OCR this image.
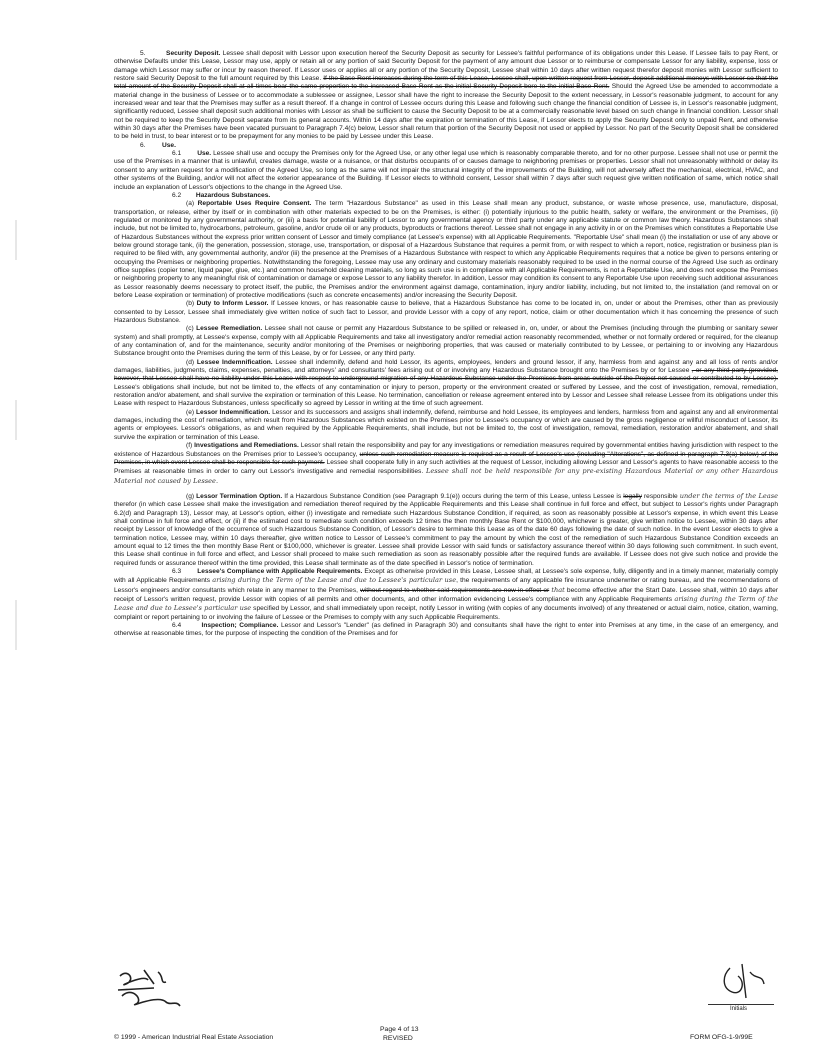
5.	Security Deposit. Lessee shall deposit with Lessor upon execution hereof the Security Deposit as security for Lessee's faithful performance of its obligations under this Lease. If Lessee fails to pay Rent, or otherwise Defaults under this Lease, Lessor may use, apply or retain all or any portion of said Security Deposit for the payment of any amount due Lessor or to reimburse or compensate Lessor for any liability, expense, loss or damage which Lessor may suffer or incur by reason thereof. If Lessor uses or applies all or any portion of the Security Deposit, Lessee shall within 10 days after written request therefor deposit monies with Lessor sufficient to restore said Security Deposit to the full amount required by this Lease. If the Base Rent increases during the term of this Lease, Lessee shall, upon written request from Lessor, deposit additional moneys with Lessor so that the total amount of the Security Deposit shall at all times bear the same proportion to the increased Base Rent as the initial Security Deposit bore to the initial Base Rent. Should the Agreed Use be amended to accommodate a material change in the business of Lessee or to accommodate a sublessee or assignee, Lessor shall have the right to increase the Security Deposit to the extent necessary, in Lessor's reasonable judgment, to account for any increased wear and tear that the Premises may suffer as a result thereof. If a change in control of Lessee occurs during this Lease and following such change the financial condition of Lessee is, in Lessor's reasonable judgment, significantly reduced, Lessee shall deposit such additional monies with Lessor as shall be sufficient to cause the Security Deposit to be at a commercially reasonable level based on such change in financial condition. Lessor shall not be required to keep the Security Deposit separate from its general accounts. Within 14 days after the expiration or termination of this Lease, if Lessor elects to apply the Security Deposit only to unpaid Rent, and otherwise within 30 days after the Premises have been vacated pursuant to Paragraph 7.4(c) below, Lessor shall return that portion of the Security Deposit not used or applied by Lessor. No part of the Security Deposit shall be considered to be held in trust, to bear interest or to be prepayment for any monies to be paid by Lessee under this Lease.

6.	Use.

6.1 Use. Lessee shall use and occupy the Premises only for the Agreed Use, or any other legal use which is reasonably comparable thereto, and for no other purpose. Lessee shall not use or permit the use of the Premises in a manner that is unlawful, creates damage, waste or a nuisance, or that disturbs occupants of or causes damage to neighboring premises or properties. Lessor shall not unreasonably withhold or delay its consent to any written request for a modification of the Agreed Use, so long as the same will not impair the structural integrity of the improvements of the Building, will not adversely affect the mechanical, electrical, HVAC, and other systems of the Building, and/or will not affect the exterior appearance of the Building. If Lessor elects to withhold consent, Lessor shall within 7 days after such request give written notification of same, which notice shall include an explanation of Lessor's objections to the change in the Agreed Use.

6.2 Hazardous Substances.

(a) Reportable Uses Require Consent. The term "Hazardous Substance" as used in this Lease shall mean any product, substance, or waste whose presence, use, manufacture, disposal, transportation, or release, either by itself or in combination with other materials expected to be on the Premises, is either: (i) potentially injurious to the public health, safety or welfare, the environment or the Premises, (ii) regulated or monitored by any governmental authority, or (iii) a basis for potential liability of Lessor to any governmental agency or third party under any applicable statute or common law theory. Hazardous Substances shall include, but not be limited to, hydrocarbons, petroleum, gasoline, and/or crude oil or any products, byproducts or fractions thereof. Lessee shall not engage in any activity in or on the Premises which constitutes a Reportable Use of Hazardous Substances without the express prior written consent of Lessor and timely compliance (at Lessee's expense) with all Applicable Requirements. "Reportable Use" shall mean (i) the installation or use of any above or below ground storage tank, (ii) the generation, possession, storage, use, transportation, or disposal of a Hazardous Substance that requires a permit from, or with respect to which a report, notice, registration or business plan is required to be filed with, any governmental authority, and/or (iii) the presence at the Premises of a Hazardous Substance with respect to which any Applicable Requirements requires that a notice be given to persons entering or occupying the Premises or neighboring properties. Notwithstanding the foregoing, Lessee may use any ordinary and customary materials reasonably required to be used in the normal course of the Agreed Use such as ordinary office supplies (copier toner, liquid paper, glue, etc.) and common household cleaning materials, so long as such use is in compliance with all Applicable Requirements, is not a Reportable Use, and does not expose the Premises or neighboring property to any meaningful risk of contamination or damage or expose Lessor to any liability therefor. In addition, Lessor may condition its consent to any Reportable Use upon receiving such additional assurances as Lessor reasonably deems necessary to protect itself, the public, the Premises and/or the environment against damage, contamination, injury and/or liability, including, but not limited to, the installation (and removal on or before Lease expiration or termination) of protective modifications (such as concrete encasements) and/or increasing the Security Deposit.

(b) Duty to Inform Lessor. If Lessee knows, or has reasonable cause to believe, that a Hazardous Substance has come to be located in, on, under or about the Premises, other than as previously consented to by Lessor, Lessee shall immediately give written notice of such fact to Lessor, and provide Lessor with a copy of any report, notice, claim or other documentation which it has concerning the presence of such Hazardous Substance.

(c) Lessee Remediation. Lessee shall not cause or permit any Hazardous Substance to be spilled or released in, on, under, or about the Premises (including through the plumbing or sanitary sewer system) and shall promptly, at Lessee's expense, comply with all Applicable Requirements and take all investigatory and/or remedial action reasonably recommended, whether or not formally ordered or required, for the cleanup of any contamination of, and for the maintenance, security and/or monitoring of the Premises or neighboring properties, that was caused or materially contributed to by Lessee, or pertaining to or involving any Hazardous Substance brought onto the Premises during the term of this Lease, by or for Lessee, or any third party.

(d) Lessee Indemnification. Lessee shall indemnify, defend and hold Lessor, its agents, employees, lenders and ground lessor, if any, harmless from and against any and all loss of rents and/or damages, liabilities, judgments, claims, expenses, penalties, and attorneys' and consultants' fees arising out of or involving any Hazardous Substance brought onto the Premises by or for Lessee , or any third party (provided, however, that Lessee shall have no liability under this Lease with respect to underground migration of any Hazardous Substance under the Premises from areas outside of the Project not caused or contributed to by Lessee). Lessee's obligations shall include, but not be limited to, the effects of any contamination or injury to person, property or the environment created or suffered by Lessee, and the cost of investigation, removal, remediation, restoration and/or abatement, and shall survive the expiration or termination of this Lease. No termination, cancellation or release agreement entered into by Lessor and Lessee shall release Lessee from its obligations under this Lease with respect to Hazardous Substances, unless specifically so agreed by Lessor in writing at the time of such agreement.

(e) Lessor Indemnification. Lessor and its successors and assigns shall indemnify, defend, reimburse and hold Lessee, its employees and lenders, harmless from and against any and all environmental damages, including the cost of remediation, which result from Hazardous Substances which existed on the Premises prior to Lessee's occupancy or which are caused by the gross negligence or willful misconduct of Lessor, its agents or employees. Lessor's obligations, as and when required by the Applicable Requirements, shall include, but not be limited to, the cost of investigation, removal, remediation, restoration and/or abatement, and shall survive the expiration or termination of this Lease.

(f) Investigations and Remediations. Lessor shall retain the responsibility and pay for any investigations or remediation measures required by governmental entities having jurisdiction with respect to the existence of Hazardous Substances on the Premises prior to Lessee's occupancy, unless such remediation measure is required as a result of Lessee's use (including "Alterations", as defined in paragraph 7.3(a) below) of the Premises, in which event Lessee shall be responsible for such payment. Lessee shall cooperate fully in any such activities at the request of Lessor, including allowing Lessor and Lessor's agents to have reasonable access to the Premises at reasonable times in order to carry out Lessor's investigative and remedial responsibilities. Lessee shall not be held responsible for any pre-existing Hazardous Material or any other Hazardous Material not caused by Lessee.

(g) Lessor Termination Option. If a Hazardous Substance Condition (see Paragraph 9.1(e)) occurs during the term of this Lease, unless Lessee is legally responsible under the terms of the Lease therefor (in which case Lessee shall make the investigation and remediation thereof required by the Applicable Requirements and this Lease shall continue in full force and effect, but subject to Lessor's rights under Paragraph 6.2(d) and Paragraph 13), Lessor may, at Lessor's option, either (i) investigate and remediate such Hazardous Substance Condition, if required, as soon as reasonably possible at Lessor's expense, in which event this Lease shall continue in full force and effect, or (ii) if the estimated cost to remediate such condition exceeds 12 times the then monthly Base Rent or $100,000, whichever is greater, give written notice to Lessee, within 30 days after receipt by Lessor of knowledge of the occurrence of such Hazardous Substance Condition, of Lessor's desire to terminate this Lease as of the date 60 days following the date of such notice. In the event Lessor elects to give a termination notice, Lessee may, within 10 days thereafter, give written notice to Lessor of Lessee's commitment to pay the amount by which the cost of the remediation of such Hazardous Substance Condition exceeds an amount equal to 12 times the then monthly Base Rent or $100,000, whichever is greater. Lessee shall provide Lessor with said funds or satisfactory assurance thereof within 30 days following such commitment. In such event, this Lease shall continue in full force and effect, and Lessor shall proceed to make such remediation as soon as reasonably possible after the required funds are available. If Lessee does not give such notice and provide the required funds or assurance thereof within the time provided, this Lease shall terminate as of the date specified in Lessor's notice of termination.

6.3 Lessee's Compliance with Applicable Requirements. Except as otherwise provided in this Lease, Lessee shall, at Lessee's sole expense, fully, diligently and in a timely manner, materially comply with all Applicable Requirements arising during the Term of the Lease and due to Lessee's particular use, the requirements of any applicable fire insurance underwriter or rating bureau, and the recommendations of Lessor's engineers and/or consultants which relate in any manner to the Premises, without regard to whether said requirements are now in effect or that become effective after the Start Date. Lessee shall, within 10 days after receipt of Lessor's written request, provide Lessor with copies of all permits and other documents, and other information evidencing Lessee's compliance with any Applicable Requirements arising during the Term of the Lease and due to Lessee's particular use specified by Lessor, and shall immediately upon receipt, notify Lessor in writing (with copies of any documents involved) of any threatened or actual claim, notice, citation, warning, complaint or report pertaining to or involving the failure of Lessee or the Premises to comply with any such Applicable Requirements.

6.4	Inspection; Compliance. Lessor and Lessor's "Lender" (as defined in Paragraph 30) and consultants shall have the right to enter into Premises at any time, in the case of an emergency, and otherwise at reasonable times, for the purpose of inspecting the condition of the Premises and for

Initials
© 1999 - American Industrial Real Estate Association
Page 4 of 13
REVISED	FORM OFG-1-9/99E
